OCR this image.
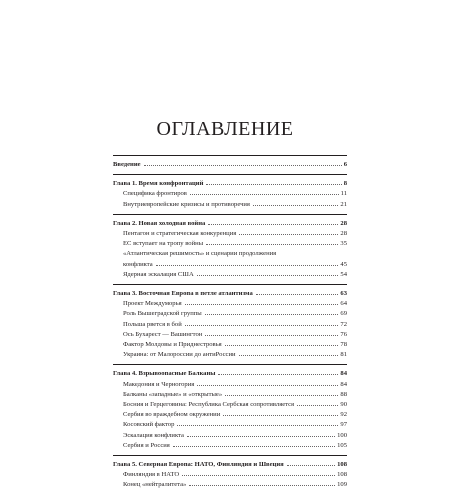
ОГЛАВЛЕНИЕ
Введение	6
Глава 1. Время конфронтаций	8
Специфика фронтиров	11
Внутриевропейские кризисы и противоречия	21
Глава 2. Новая холодная война	28
Пентагон и стратегическая конкуренция	28
ЕС вступает на тропу войны	35
«Атлантическая решимость» и сценарии продолжения
конфликта	45
Ядерная эскалация США	54
Глава 3. Восточная Европа в петле атлантизма	63
Проект Междуморья	64
Роль Вышеградской группы	69
Польша рвется в бой	72
Ось Бухарест — Вашингтон	76
Фактор Молдовы и Приднестровья	78
Украина: от Малороссии до антиРоссии	81
Глава 4. Взрывоопасные Балканы	84
Македония и Черногория	84
Балканы «западные» и «открытые»	88
Босния и Герцеговина: Республика Сербская сопротивляется	90
Сербия во враждебном окружении	92
Косовский фактор	97
Эскалация конфликта	100
Сербия и Россия	105
Глава 5. Северная Европа: НАТО, Финляндия и Швеция	108
Финляндия в НАТО	108
Конец «нейтралитета»	109
